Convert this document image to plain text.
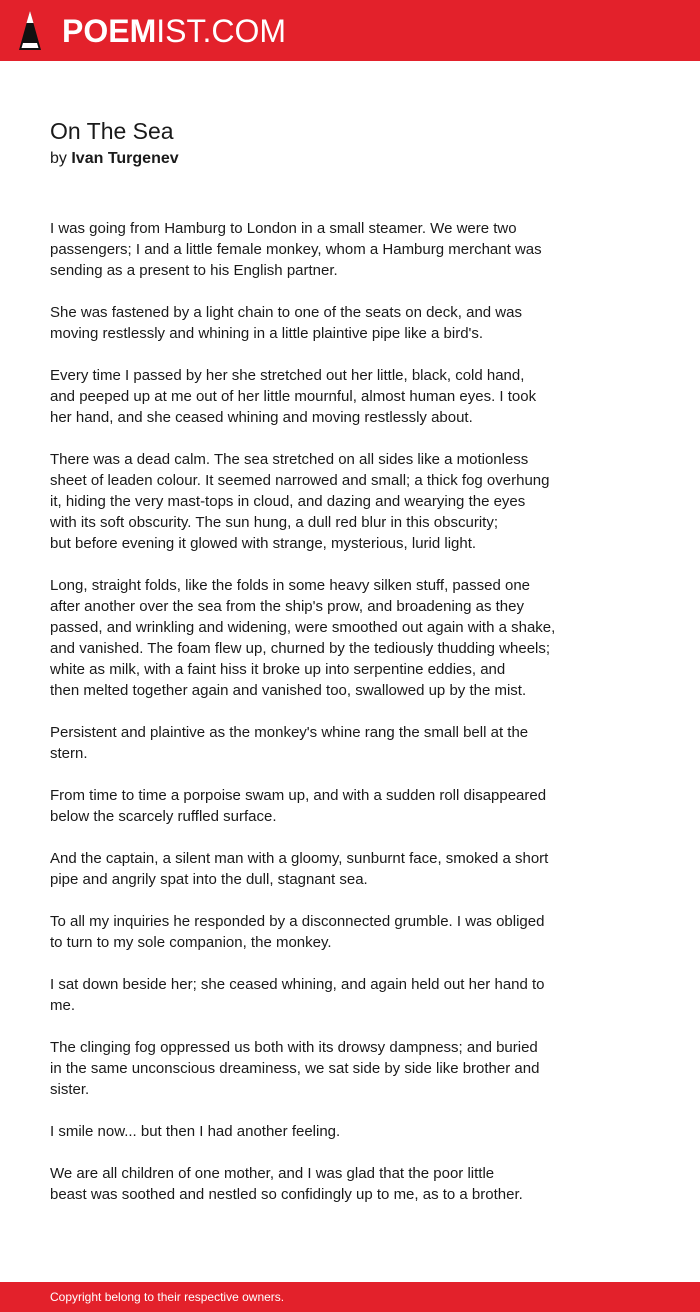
POEMIST.COM
On The Sea
by Ivan Turgenev

I was going from Hamburg to London in a small steamer. We were two
passengers; I and a little female monkey, whom a Hamburg merchant was
sending as a present to his English partner.

She was fastened by a light chain to one of the seats on deck, and was
moving restlessly and whining in a little plaintive pipe like a bird's.

Every time I passed by her she stretched out her little, black, cold hand,
and peeped up at me out of her little mournful, almost human eyes. I took
her hand, and she ceased whining and moving restlessly about.

There was a dead calm. The sea stretched on all sides like a motionless
sheet of leaden colour. It seemed narrowed and small; a thick fog overhung
it, hiding the very mast-tops in cloud, and dazing and wearying the eyes
with its soft obscurity. The sun hung, a dull red blur in this obscurity;
but before evening it glowed with strange, mysterious, lurid light.

Long, straight folds, like the folds in some heavy silken stuff, passed one
after another over the sea from the ship's prow, and broadening as they
passed, and wrinkling and widening, were smoothed out again with a shake,
and vanished. The foam flew up, churned by the tediously thudding wheels;
white as milk, with a faint hiss it broke up into serpentine eddies, and
then melted together again and vanished too, swallowed up by the mist.

Persistent and plaintive as the monkey's whine rang the small bell at the
stern.

From time to time a porpoise swam up, and with a sudden roll disappeared
below the scarcely ruffled surface.

And the captain, a silent man with a gloomy, sunburnt face, smoked a short
pipe and angrily spat into the dull, stagnant sea.

To all my inquiries he responded by a disconnected grumble. I was obliged
to turn to my sole companion, the monkey.

I sat down beside her; she ceased whining, and again held out her hand to
me.

The clinging fog oppressed us both with its drowsy dampness; and buried
in the same unconscious dreaminess, we sat side by side like brother and
sister.

I smile now... but then I had another feeling.

We are all children of one mother, and I was glad that the poor little
beast was soothed and nestled so confidingly up to me, as to a brother.

Copyright belong to their respective owners.
